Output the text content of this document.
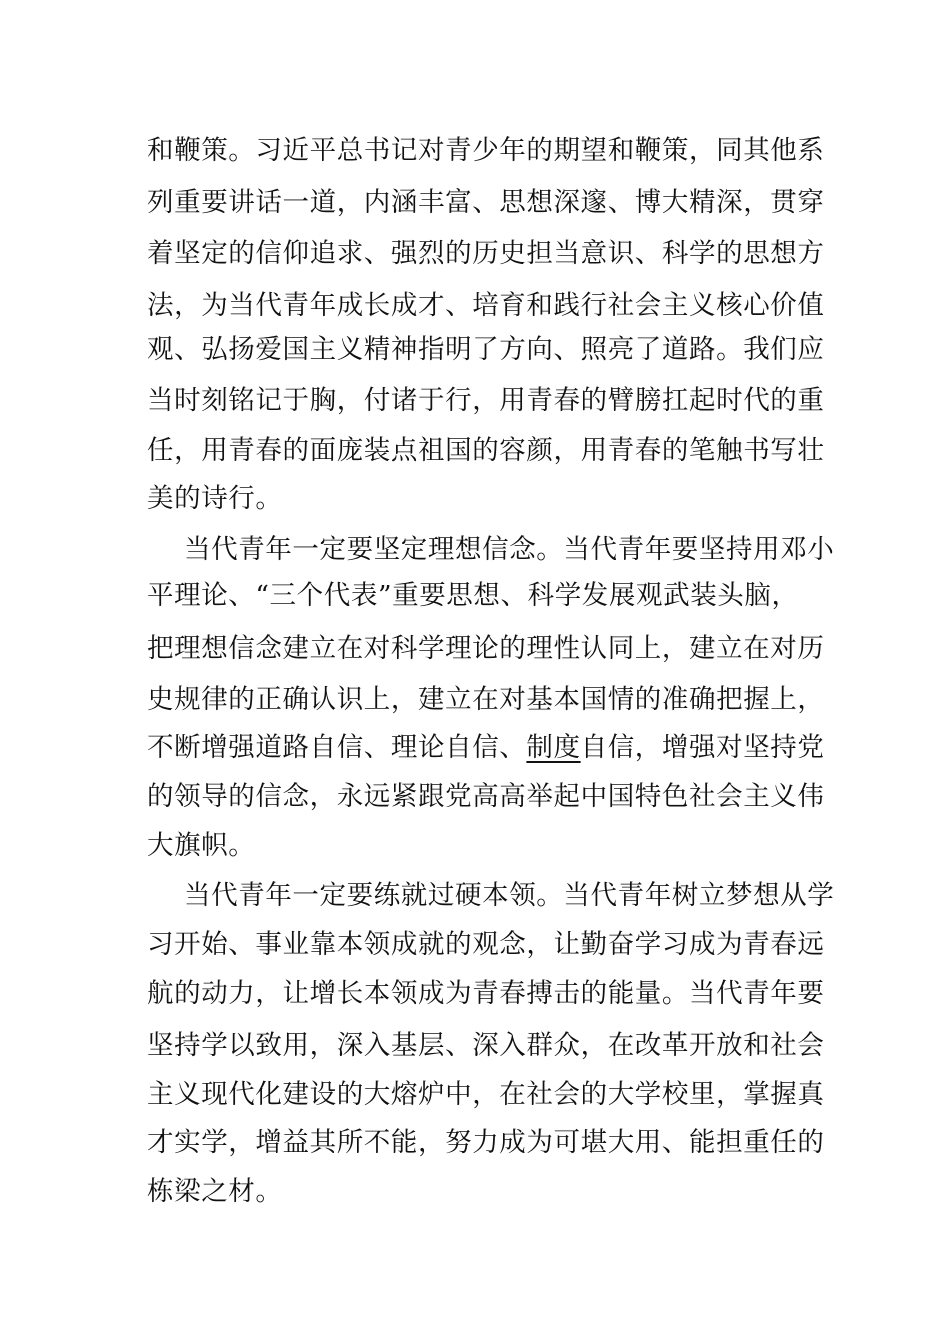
和鞭策。习近平总书记对青少年的期望和鞭策，同其他系
列重要讲话一道，内涵丰富、思想深邃、博大精深，贯穿
着坚定的信仰追求、强烈的历史担当意识、科学的思想方
法，为当代青年成长成才、培育和践行社会主义核心价值
观、弘扬爱国主义精神指明了方向、照亮了道路。我们应
当时刻铭记于胸，付诸于行，用青春的臂膀扛起时代的重
任，用青春的面庞装点祖国的容颜，用青春的笔触书写壮
美的诗行。
当代青年一定要坚定理想信念。当代青年要坚持用邓小
平理论、“三个代表”重要思想、科学发展观武装头脑，
把理想信念建立在对科学理论的理性认同上，建立在对历
史规律的正确认识上，建立在对基本国情的准确把握上，
不断增强道路自信、理论自信、制度自信，增强对坚持党
的领导的信念，永远紧跟党高高举起中国特色社会主义伟
大旗帜。
当代青年一定要练就过硬本领。当代青年树立梦想从学
习开始、事业靠本领成就的观念，让勤奋学习成为青春远
航的动力，让增长本领成为青春搏击的能量。当代青年要
坚持学以致用，深入基层、深入群众，在改革开放和社会
主义现代化建设的大熔炉中，在社会的大学校里，掌握真
才实学，增益其所不能，努力成为可堪大用、能担重任的
栋梁之材。
